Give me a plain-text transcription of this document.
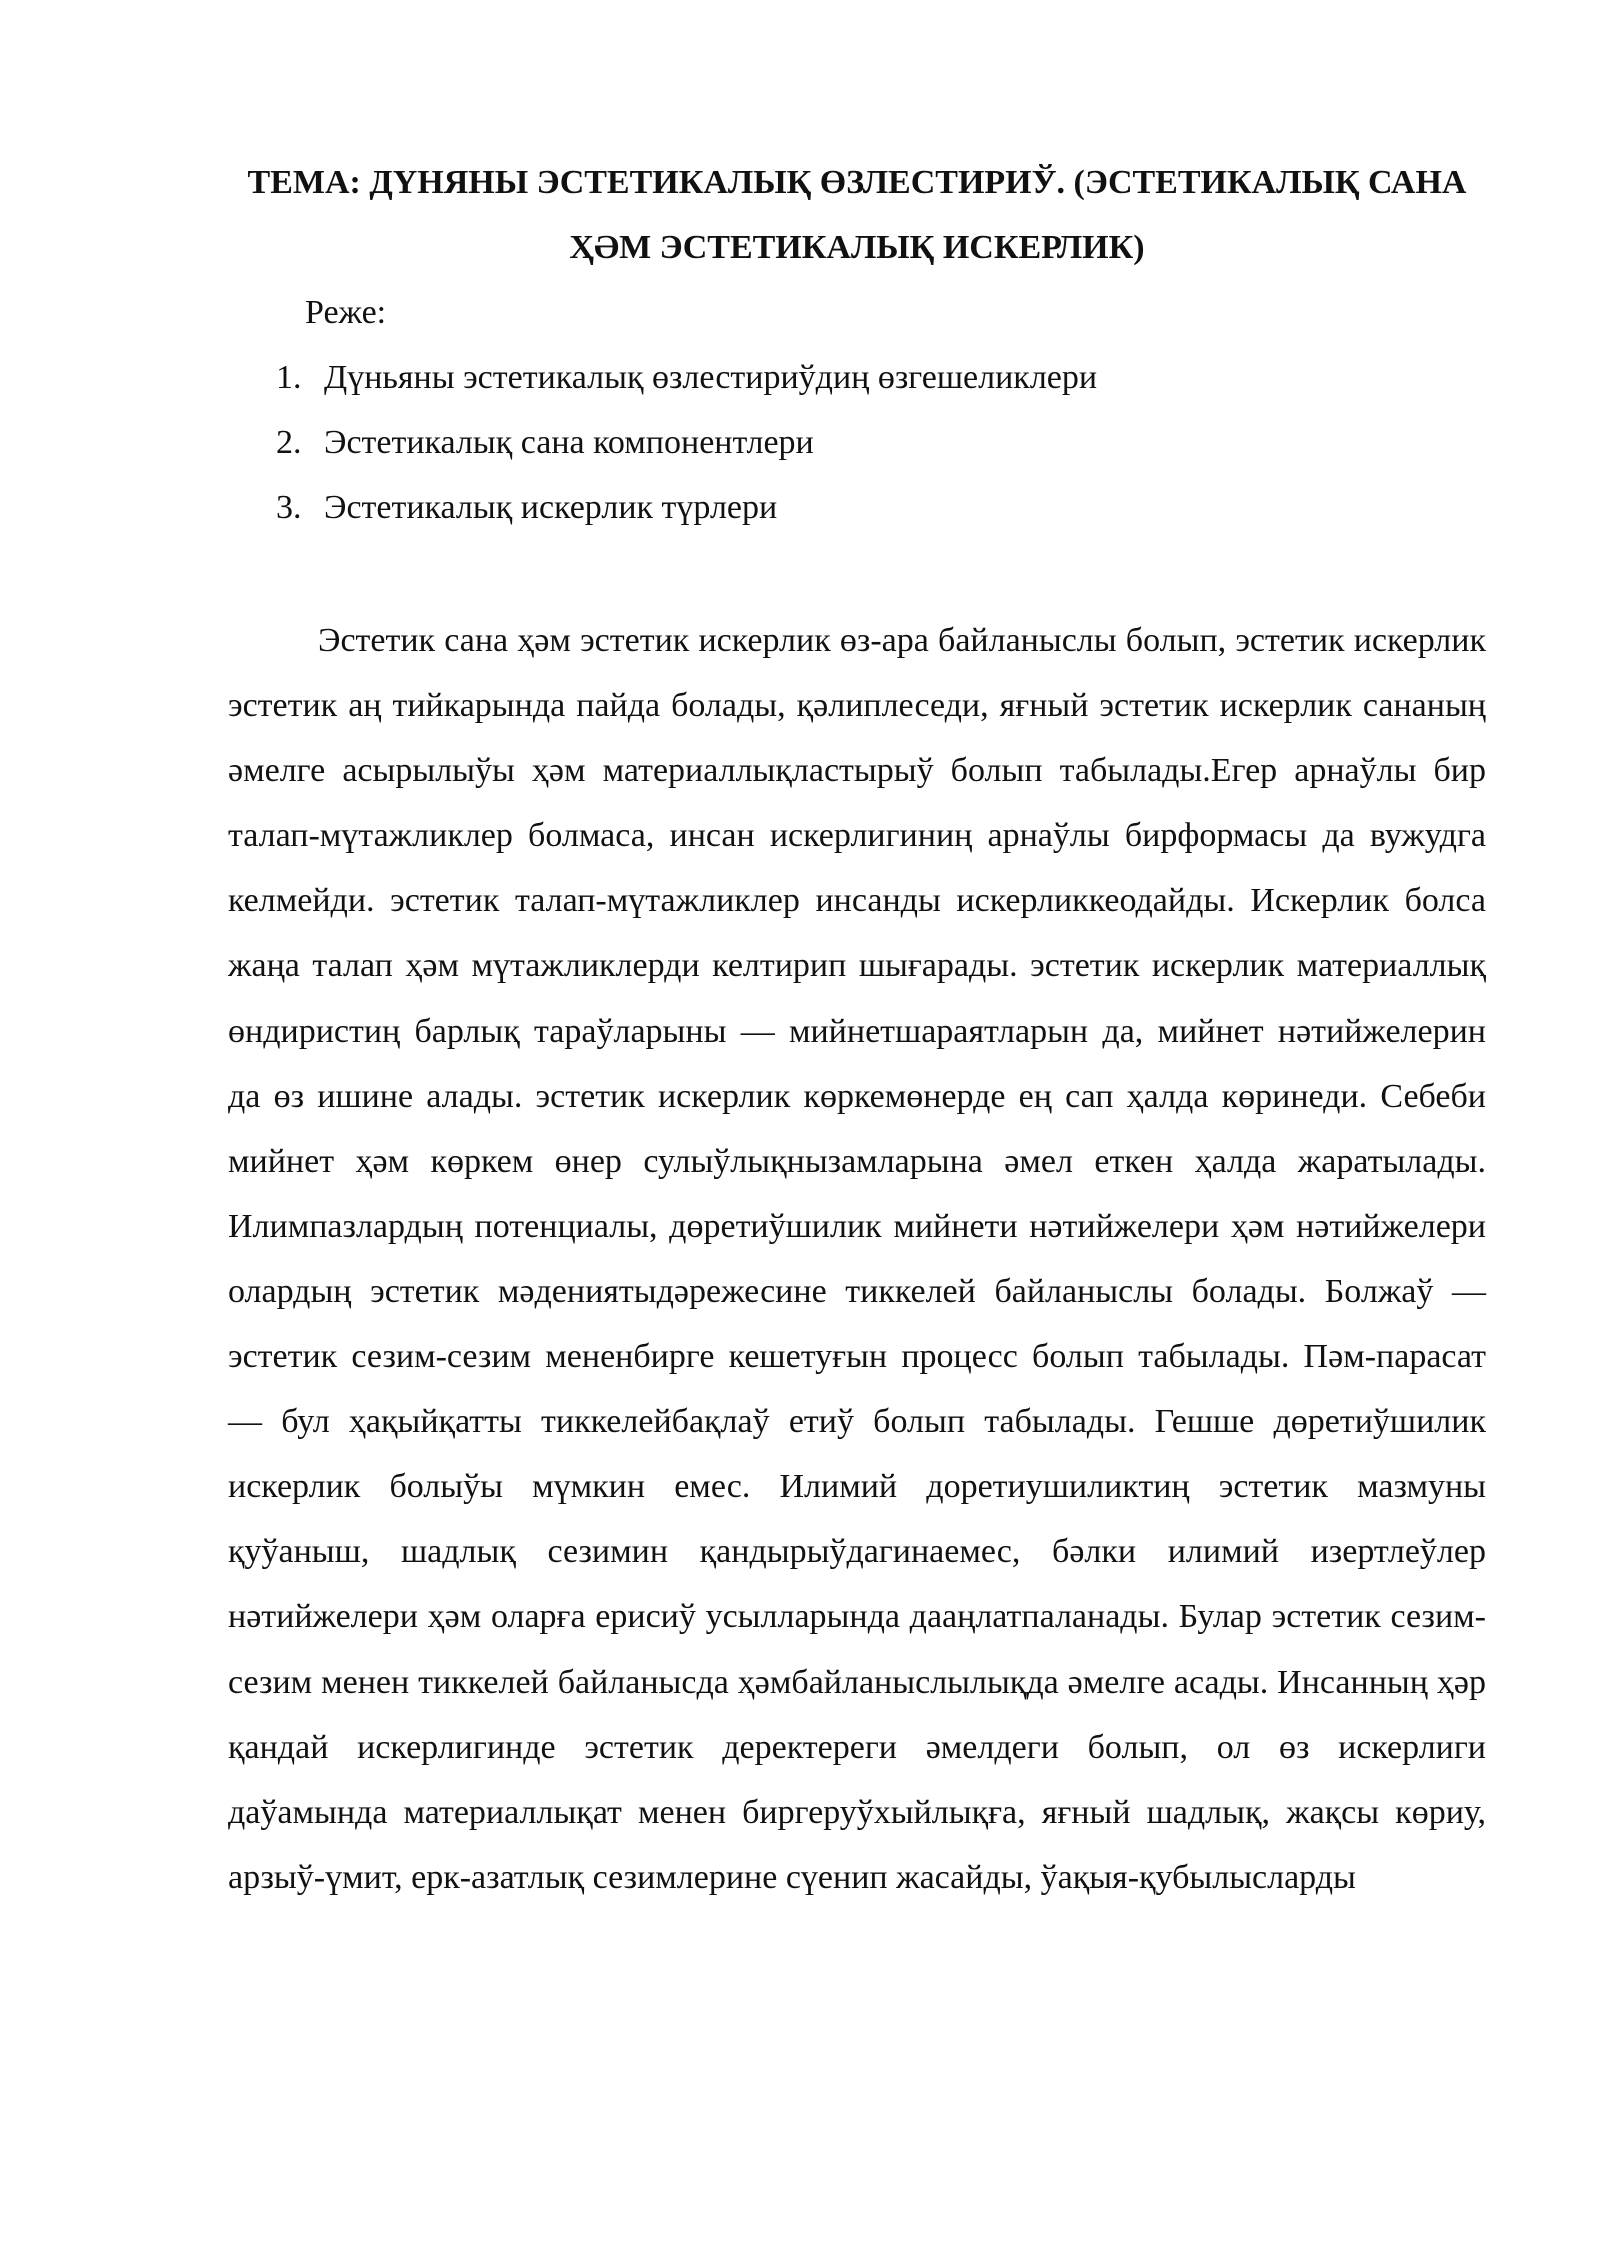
ТЕМА: ДҮНЯНЫ ЭСТЕТИКАЛЫҚ ӨЗЛЕСТИРИЎ. (ЭСТЕТИКАЛЫҚ САНА ҲӘМ ЭСТЕТИКАЛЫҚ ИСКЕРЛИК)

Реже:

1. Дүньяны эстетикалық өзлестириўдиң өзгешеликлери
2. Эстетикалық сана компонентлери
3. Эстетикалық искерлик түрлери

Эстетик сана ҳәм эстетик искерлик өз-ара байланыслы болып, эстетик искерлик эстетик аң тийкарында пайда болады, қәлиплеседи, яғный эстетик искерлик сананың әмелге асырылыўы ҳәм материаллықластырыў болып табылады.Егер арнаўлы бир талап-мүтажликлер болмаса, инсан искерлигиниң арнаўлы бирформасы да вужудга келмейди. эстетик талап-мүтажликлер инсанды искерликкеодайды. Искерлик болса жаңа талап ҳәм мүтажликлерди келтирип шығарады. эстетик искерлик материаллық өндиристиң барлық тараўларыны — мийнетшараятларын да, мийнет нәтийжелерин да өз ишине алады. эстетик искерлик көркемөнерде ең сап ҳалда көринеди. Себеби мийнет ҳәм көркем өнер сулыўлықнызамларына әмел еткен ҳалда жаратылады. Илимпазлардың потенциалы, дөретиўшилик мийнети нәтийжелери ҳәм нәтийжелери олардың эстетик мәдениятыдәрежесине тиккелей байланыслы болады. Болжаў — эстетик сезим-сезим мененбирге кешетуғын процесс болып табылады. Пәм-парасат — бул ҳақыйқатты тиккелейбақлаў етиў болып табылады. Гешше дөретиўшилик искерлик болыўы мүмкин емес. Илимий доретиушиликтиң эстетик мазмуны қуўаныш, шадлық сезимин қандырыўдагинаемес, бәлки илимий изертлеўлер нәтийжелери ҳәм оларға ерисиў усылларында дааңлатпаланады. Булар эстетик сезим-сезим менен тиккелей байланысда ҳәмбайланыслылықда әмелге асады. Инсанның ҳәр қандай искерлигинде эстетик деректереги әмелдеги болып, ол өз искерлиги даўамында материаллықат менен биргеруўхыйлықға, яғный шадлық, жақсы көриу, арзыў-үмит, ерк-азатлық сезимлерине сүенип жасайды, ўақыя-қубылысларды
